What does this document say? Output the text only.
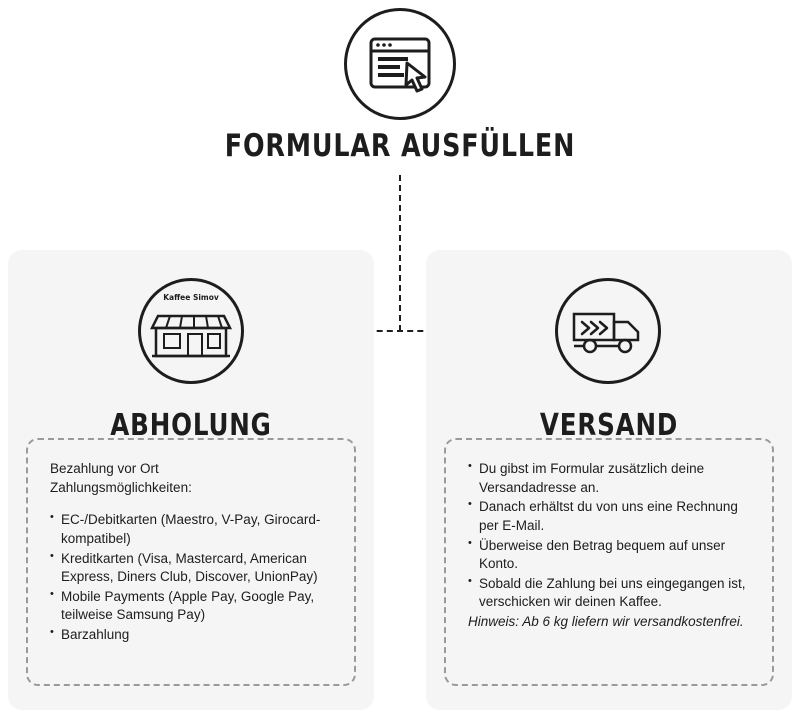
FORMULAR AUSFÜLLEN
Kaffee Simov
ABHOLUNG	VERSAND

Bezahlung vor Ort

Zahlungsmöglichkeiten:

• EC-/Debitkarten (Maestro, V-Pay, Girocard-kompatibel)
• Kreditkarten (Visa, Mastercard, American Express, Diners Club, Discover, UnionPay)
• Mobile Payments (Apple Pay, Google Pay, teilweise Samsung Pay)
• Barzahlung
• Du gibst im Formular zusätzlich deine Versandadresse an.
• Danach erhältst du von uns eine Rechnung per E-Mail.
• Überweise den Betrag bequem auf unser Konto.
• Sobald die Zahlung bei uns eingegangen ist, verschicken wir deinen Kaffee.

Hinweis: Ab 6 kg liefern wir versandkostenfrei.
